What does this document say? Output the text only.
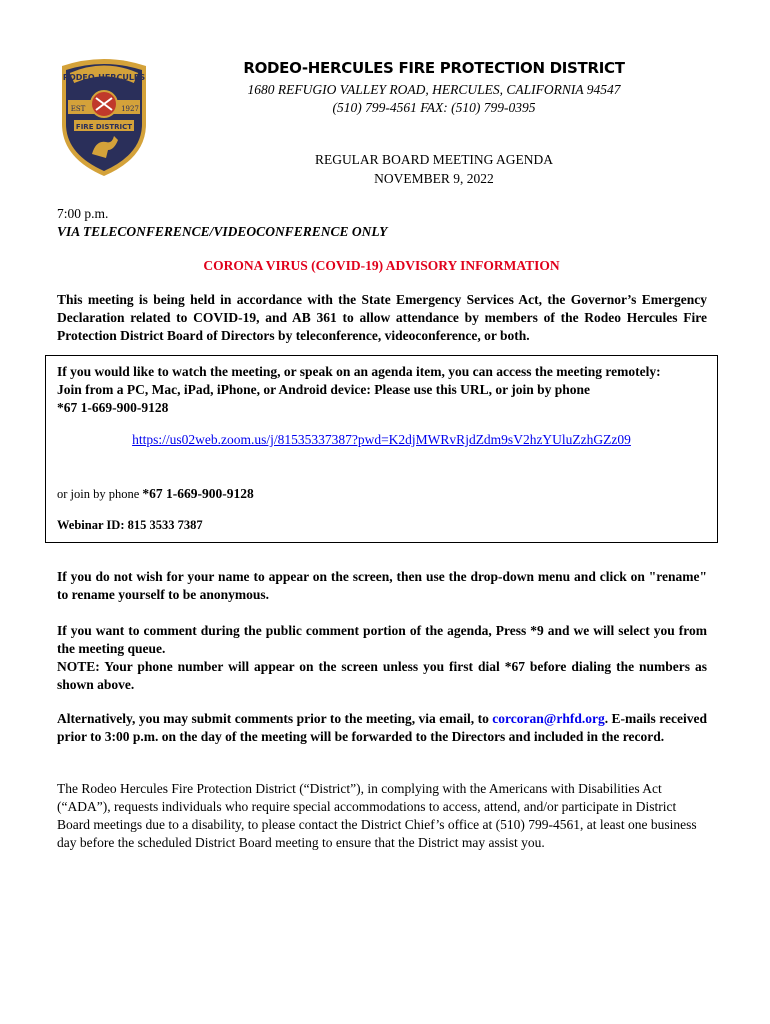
RODEO-HERCULES
EST	1927
FIRE DISTRICT
RODEO-HERCULES FIRE PROTECTION DISTRICT
1680 REFUGIO VALLEY ROAD, HERCULES, CALIFORNIA 94547
(510) 799-4561 FAX: (510) 799-0395
REGULAR BOARD MEETING AGENDA
NOVEMBER 9, 2022
7:00 p.m.
VIA TELECONFERENCE/VIDEOCONFERENCE ONLY
CORONA VIRUS (COVID-19) ADVISORY INFORMATION
This meeting is being held in accordance with the State Emergency Services Act, the Governor’s Emergency Declaration related to COVID-19, and AB 361 to allow attendance by members of the Rodeo Hercules Fire Protection District Board of Directors by teleconference, videoconference, or both.
If you would like to watch the meeting, or speak on an agenda item, you can access the meeting remotely:
Join from a PC, Mac, iPad, iPhone, or Android device: Please use this URL, or join by phone
*67 1-669-900-9128
https://us02web.zoom.us/j/81535337387?pwd=K2djMWRvRjdZdm9sV2hzYUluZzhGZz09
or join by phone *67 1-669-900-9128
Webinar ID: 815 3533 7387
If you do not wish for your name to appear on the screen, then use the drop-down menu and click on "rename" to rename yourself to be anonymous.
If you want to comment during the public comment portion of the agenda, Press *9 and we will select you from the meeting queue.
NOTE: Your phone number will appear on the screen unless you first dial *67 before dialing the numbers as shown above.
Alternatively, you may submit comments prior to the meeting, via email, to corcoran@rhfd.org. E-mails received prior to 3:00 p.m. on the day of the meeting will be forwarded to the Directors and included in the record.
The Rodeo Hercules Fire Protection District (“District”), in complying with the Americans with Disabilities Act (“ADA”), requests individuals who require special accommodations to access, attend, and/or participate in District Board meetings due to a disability, to please contact the District Chief’s office at (510) 799-4561, at least one business day before the scheduled District Board meeting to ensure that the District may assist you.
